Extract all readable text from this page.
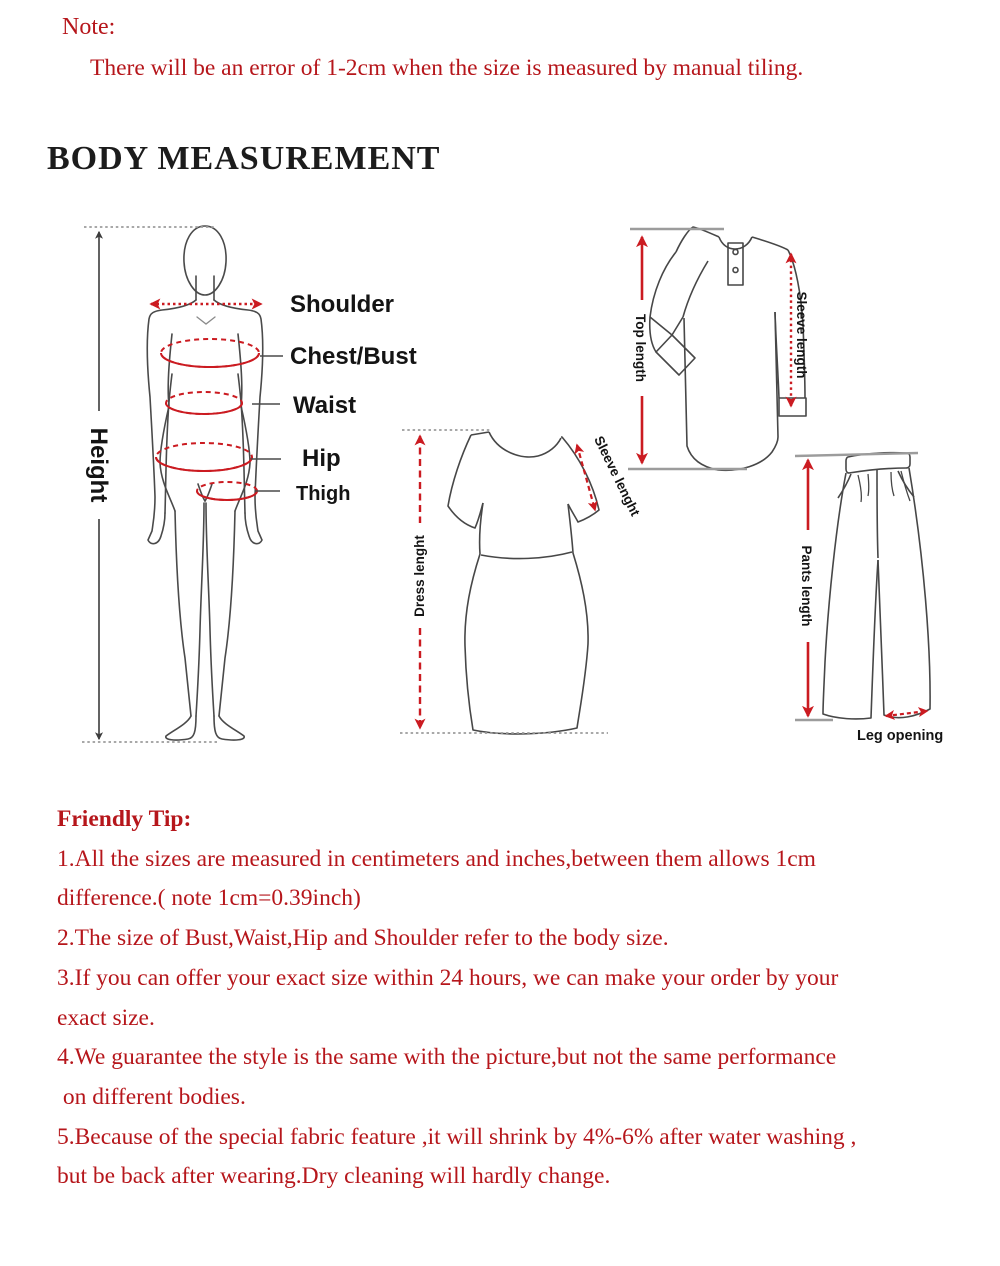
Note:
There will be an error of 1-2cm when the size is measured by manual tiling.
BODY MEASUREMENT
Height
Shoulder
Chest/Bust
Waist
Hip
Thigh
Top length	Sleeve length
Dress lenght
Sleeve lenght
Pants length
Leg opening
Friendly Tip:
1.All the sizes are measured in centimeters and inches,between them allows 1cm
difference.( note 1cm=0.39inch)
2.The size of Bust,Waist,Hip and Shoulder refer to the body size.
3.If you can offer your exact size within 24 hours, we can make your order by your
exact size.
4.We guarantee the style is the same with the picture,but not the same performance
on different bodies.
5.Because of the special fabric feature ,it will shrink by 4%-6% after water washing ,
but be back after wearing.Dry cleaning will hardly change.
